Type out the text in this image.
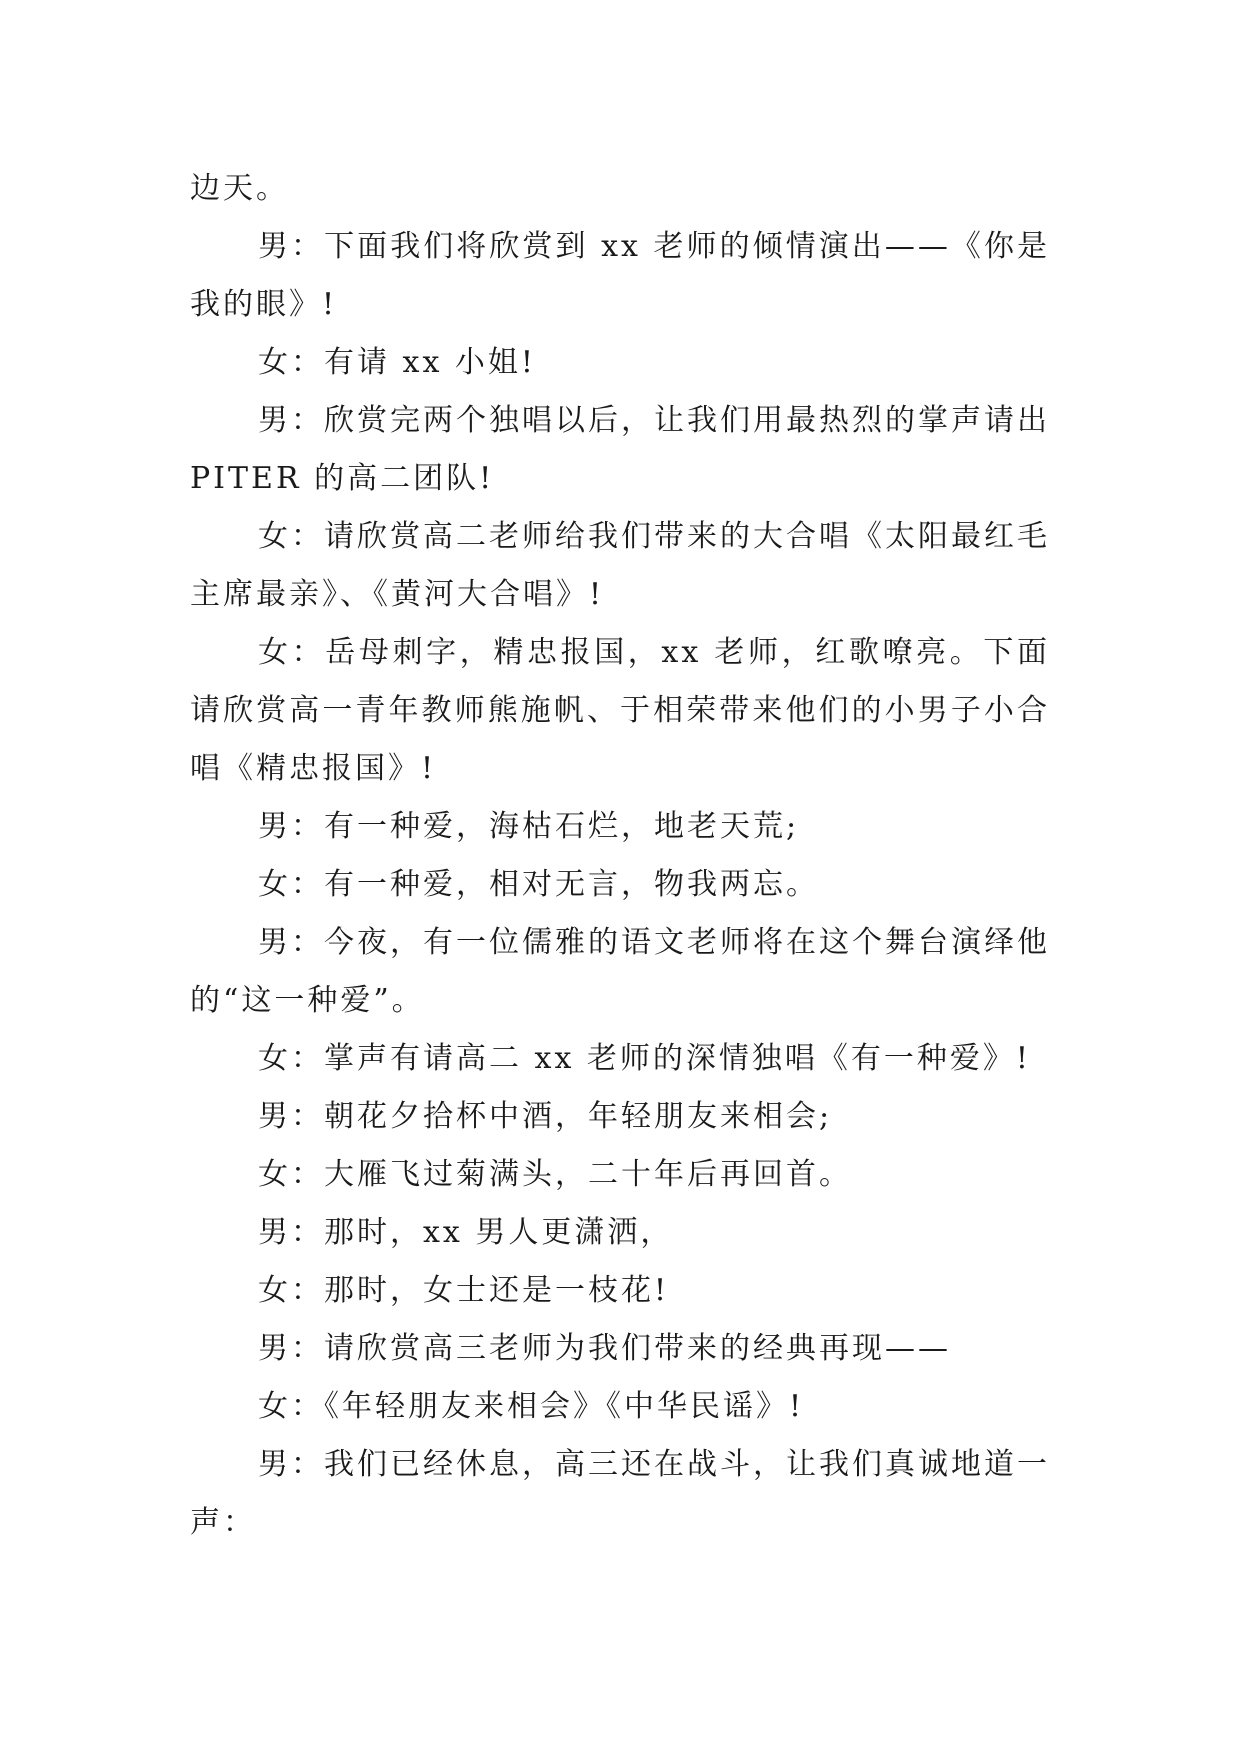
边天。

男：下面我们将欣赏到 xx 老师的倾情演出——《你是我的眼》!

女：有请 xx 小姐!

男：欣赏完两个独唱以后，让我们用最热烈的掌声请出 PITER 的高二团队!

女：请欣赏高二老师给我们带来的大合唱《太阳最红毛主席最亲》、《黄河大合唱》!

女：岳母刺字，精忠报国，xx 老师，红歌嘹亮。下面请欣赏高一青年教师熊施帆、于相荣带来他们的小男子小合唱《精忠报国》!

男：有一种爱，海枯石烂，地老天荒;

女：有一种爱，相对无言，物我两忘。

男：今夜，有一位儒雅的语文老师将在这个舞台演绎他的“这一种爱”。

女：掌声有请高二 xx 老师的深情独唱《有一种爱》!

男：朝花夕拾杯中酒，年轻朋友来相会;

女：大雁飞过菊满头，二十年后再回首。

男：那时，xx 男人更潇洒，

女：那时，女士还是一枝花!

男：请欣赏高三老师为我们带来的经典再现——

女：《年轻朋友来相会》《中华民谣》!

男：我们已经休息，高三还在战斗，让我们真诚地道一声：
